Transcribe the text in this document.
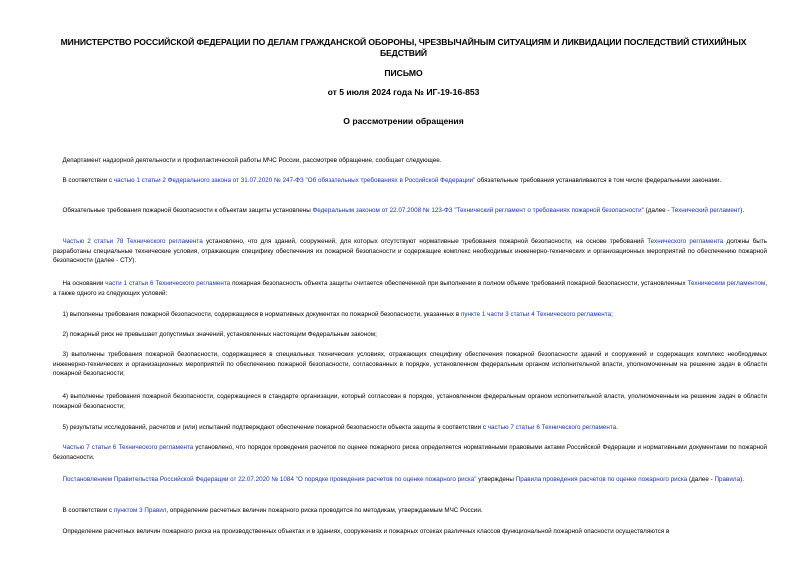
МИНИСТЕРСТВО РОССИЙСКОЙ ФЕДЕРАЦИИ ПО ДЕЛАМ ГРАЖДАНСКОЙ ОБОРОНЫ, ЧРЕЗВЫЧАЙНЫМ СИТУАЦИЯМ И ЛИКВИДАЦИИ ПОСЛЕДСТВИЙ СТИХИЙНЫХ БЕДСТВИЙ
ПИСЬМО
от 5 июля 2024 года № ИГ-19-16-853
О рассмотрении обращения

  Департамент надзорной деятельности и профилактической работы МЧС России, рассмотрев обращение, сообщает следующее.

  В соответствии с частью 1 статьи 2 Федерального закона от 31.07.2020 № 247-ФЗ "Об обязательных требованиях в Российской Федерации" обязательные требования устанавливаются в том числе федеральными законами.

  Обязательные требования пожарной безопасности к объектам защиты установлены Федеральным законом от 22.07.2008 № 123-ФЗ "Технический регламент о требованиях пожарной безопасности" (далее - Технический регламент).

  Частью 2 статьи 78 Технического регламента установлено, что для зданий, сооружений, для которых отсутствуют нормативные требования пожарной безопасности, на основе требований Технического регламента должны быть разработаны специальные технические условия, отражающие специфику обеспечения их пожарной безопасности и содержащие комплекс необходимых инженерно-технических и организационных мероприятий по обеспечению пожарной безопасности (далее - СТУ).

  На основании части 1 статьи 6 Технического регламента пожарная безопасность объекта защиты считается обеспеченной при выполнении в полном объеме требований пожарной безопасности, установленных Техническим регламентом, а также одного из следующих условий:

  1) выполнены требования пожарной безопасности, содержащиеся в нормативных документах по пожарной безопасности, указанных в пункте 1 части 3 статьи 4 Технического регламента;

  2) пожарный риск не превышает допустимых значений, установленных настоящим Федеральным законом;

  3) выполнены требования пожарной безопасности, содержащиеся в специальных технических условиях, отражающих специфику обеспечения пожарной безопасности зданий и сооружений и содержащих комплекс необходимых инженерно-технических и организационных мероприятий по обеспечению пожарной безопасности, согласованных в порядке, установленном федеральным органом исполнительной власти, уполномоченным на решение задач в области пожарной безопасности;

  4) выполнены требования пожарной безопасности, содержащиеся в стандарте организации, который согласован в порядке, установленном федеральным органом исполнительной власти, уполномоченным на решение задач в области пожарной безопасности;

  5) результаты исследований, расчетов и (или) испытаний подтверждают обеспечение пожарной безопасности объекта защиты в соответствии с частью 7 статьи 6 Технического регламента.

  Частью 7 статьи 6 Технического регламента установлено, что порядок проведения расчетов по оценке пожарного риска определяется нормативными правовыми актами Российской Федерации и нормативными документами по пожарной безопасности.

  Постановлением Правительства Российской Федерации от 22.07.2020 № 1084 "О порядке проведения расчетов по оценке пожарного риска" утверждены Правила проведения расчетов по оценке пожарного риска (далее - Правила).

  В соответствии с пунктом 3 Правил, определение расчетных величин пожарного риска проводится по методикам, утверждаемым МЧС России.

  Определение расчетных величин пожарного риска на производственных объектах и в зданиях, сооружениях и пожарных отсеках различных классов функциональной пожарной опасности осуществляются в
